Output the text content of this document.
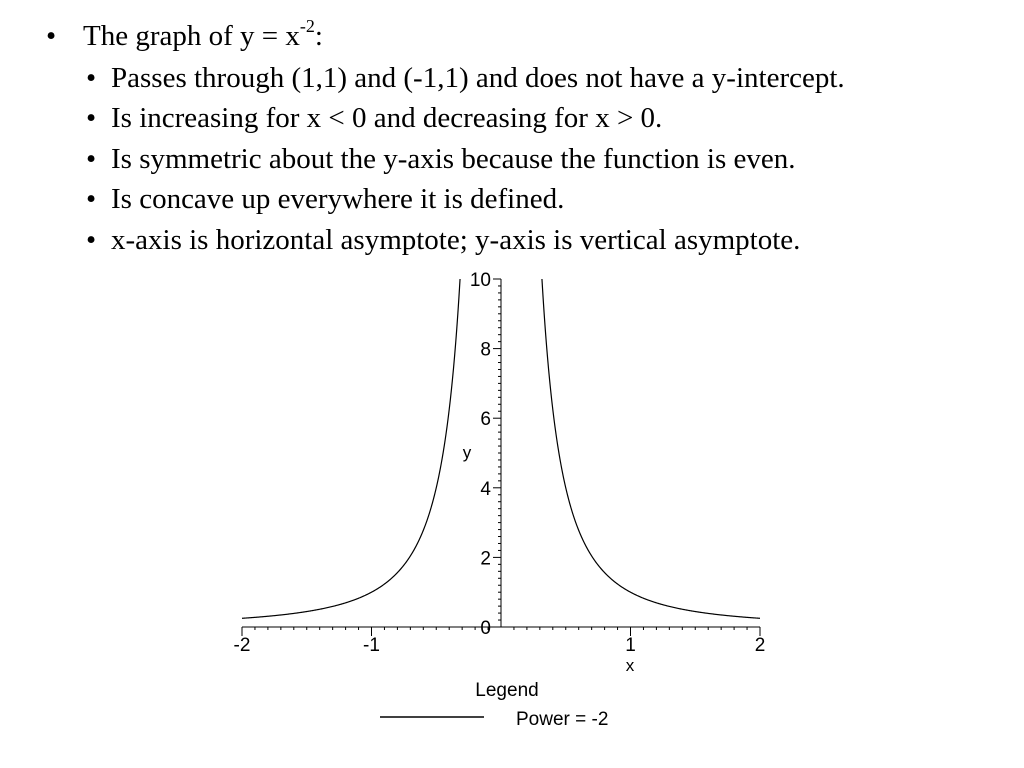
• The graph of $y = x^{-2}$:
• Passes through (1,1) and (-1,1) and does not have a y-intercept.
• Is increasing for x < 0 and decreasing for x > 0.
• Is symmetric about the y-axis because the function is even.
• Is concave up everywhere it is defined.
• x-axis is horizontal asymptote; y-axis is vertical asymptote.
-2	-1	1	2
0
2
4
6
8
10
x
y
Legend
Power = -2
